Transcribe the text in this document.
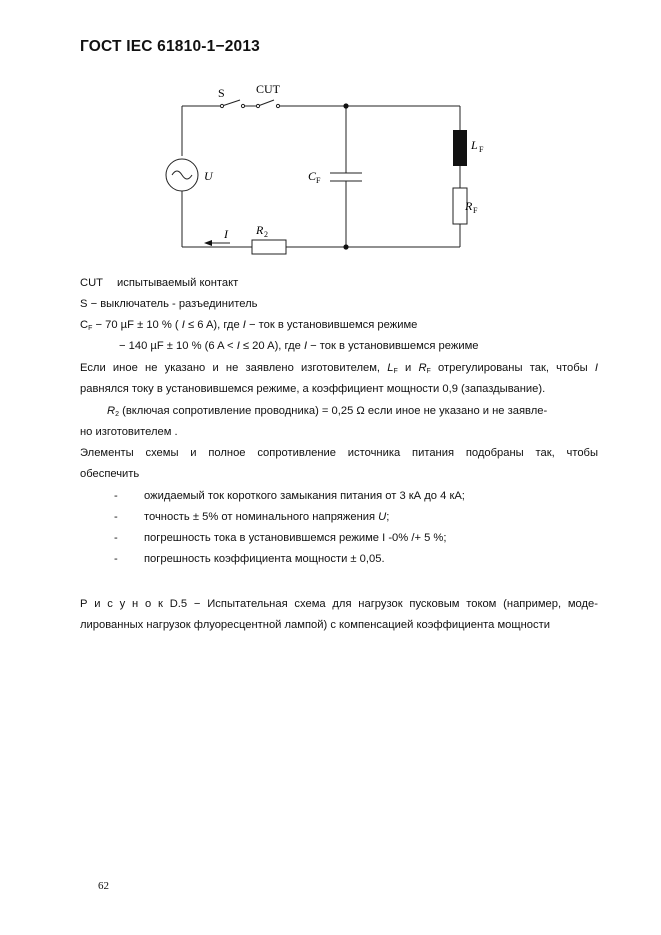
ГОСТ IEC 61810-1−2013
S	CUT
U	C F
L F
R F
I R 2
CUT испытываемый контакт
S − выключатель - разъединитель
$C_F - 70$ µF ± 10 % ( I ≤ 6 A), где I − ток в установившемся режиме
− 140 µF ± 10 % (6 A < I ≤ 20 A), где I − ток в установившемся режиме
Если иное не указано и не заявлено изготовителем, $L_F$ и $R_F$ отрегулированы так, чтобы I
равнялся току в установившемся режиме, а коэффициент мощности 0,9 (запаздывание).
$R_2$ (включая сопротивление проводника) = 0,25 Ω если иное не указано и не заявле-
но изготовителем .
Элементы схемы и полное сопротивление источника питания подобраны так, чтобы
обеспечить
- ожидаемый ток короткого замыкания питания от 3 кА до 4 кА;
- точность ± 5% от номинального напряжения U;
- погрешность тока в установившемся режиме I -0% /+ 5 %;
- погрешность коэффициента мощности ± 0,05.
Р и с у н о к D.5 − Испытательная схема для нагрузок пусковым током (например, моде-
лированных нагрузок флуоресцентной лампой) с компенсацией коэффициента мощности
62
